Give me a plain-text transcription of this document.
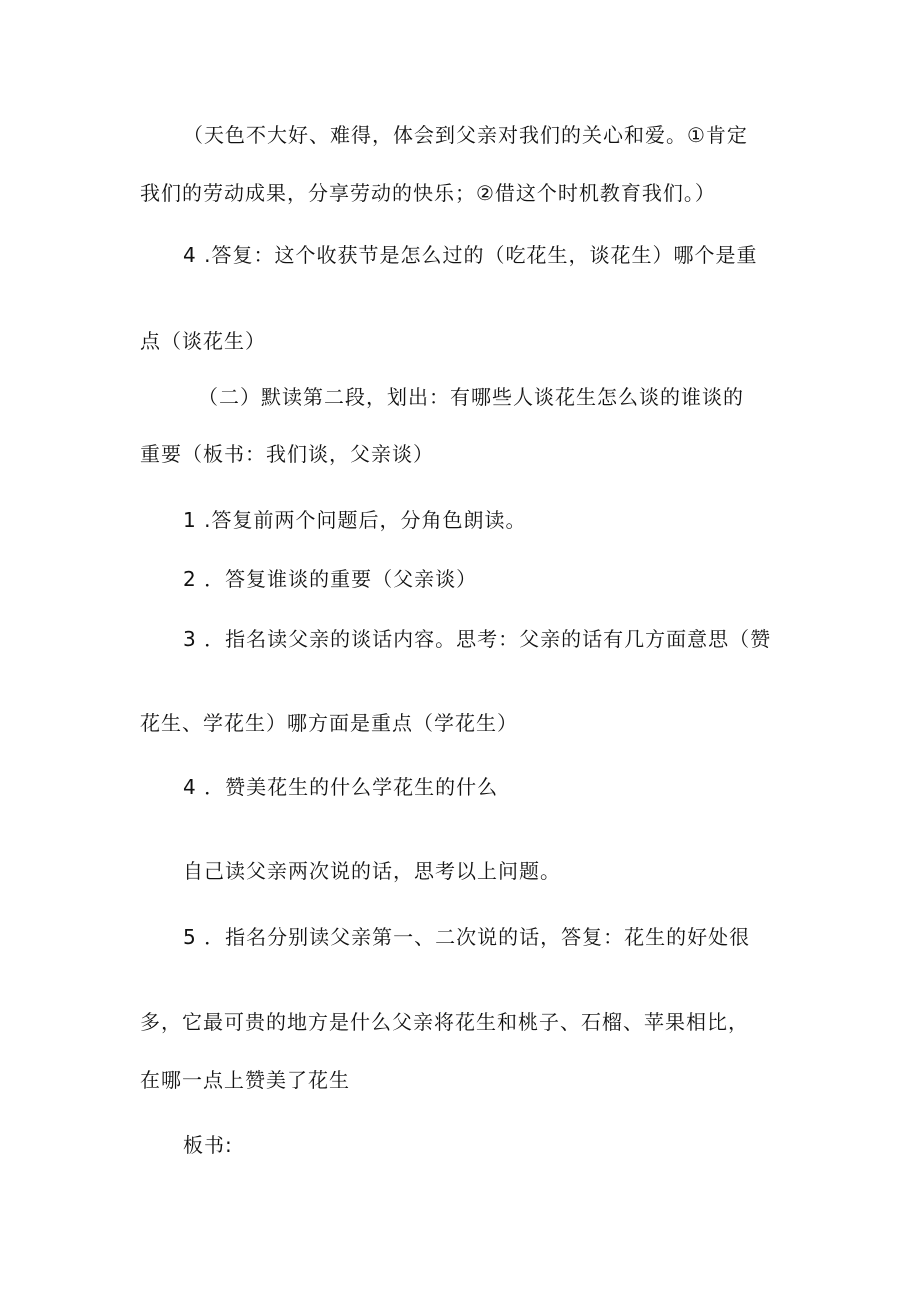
（天色不大好、难得，体会到父亲对我们的关心和爱。①肯定
我们的劳动成果，分享劳动的快乐；②借这个时机教育我们。）
4 .答复：这个收获节是怎么过的（吃花生，谈花生）哪个是重
点（谈花生）
（二）默读第二段，划出：有哪些人谈花生怎么谈的谁谈的
重要（板书：我们谈，父亲谈）
1 .答复前两个问题后，分角色朗读。
2 ．答复谁谈的重要（父亲谈）
3 ．指名读父亲的谈话内容。思考：父亲的话有几方面意思（赞
花生、学花生）哪方面是重点（学花生）
4 ．赞美花生的什么学花生的什么
自己读父亲两次说的话，思考以上问题。
5 ．指名分别读父亲第一、二次说的话，答复：花生的好处很
多，它最可贵的地方是什么父亲将花生和桃子、石榴、苹果相比，
在哪一点上赞美了花生
板书:
